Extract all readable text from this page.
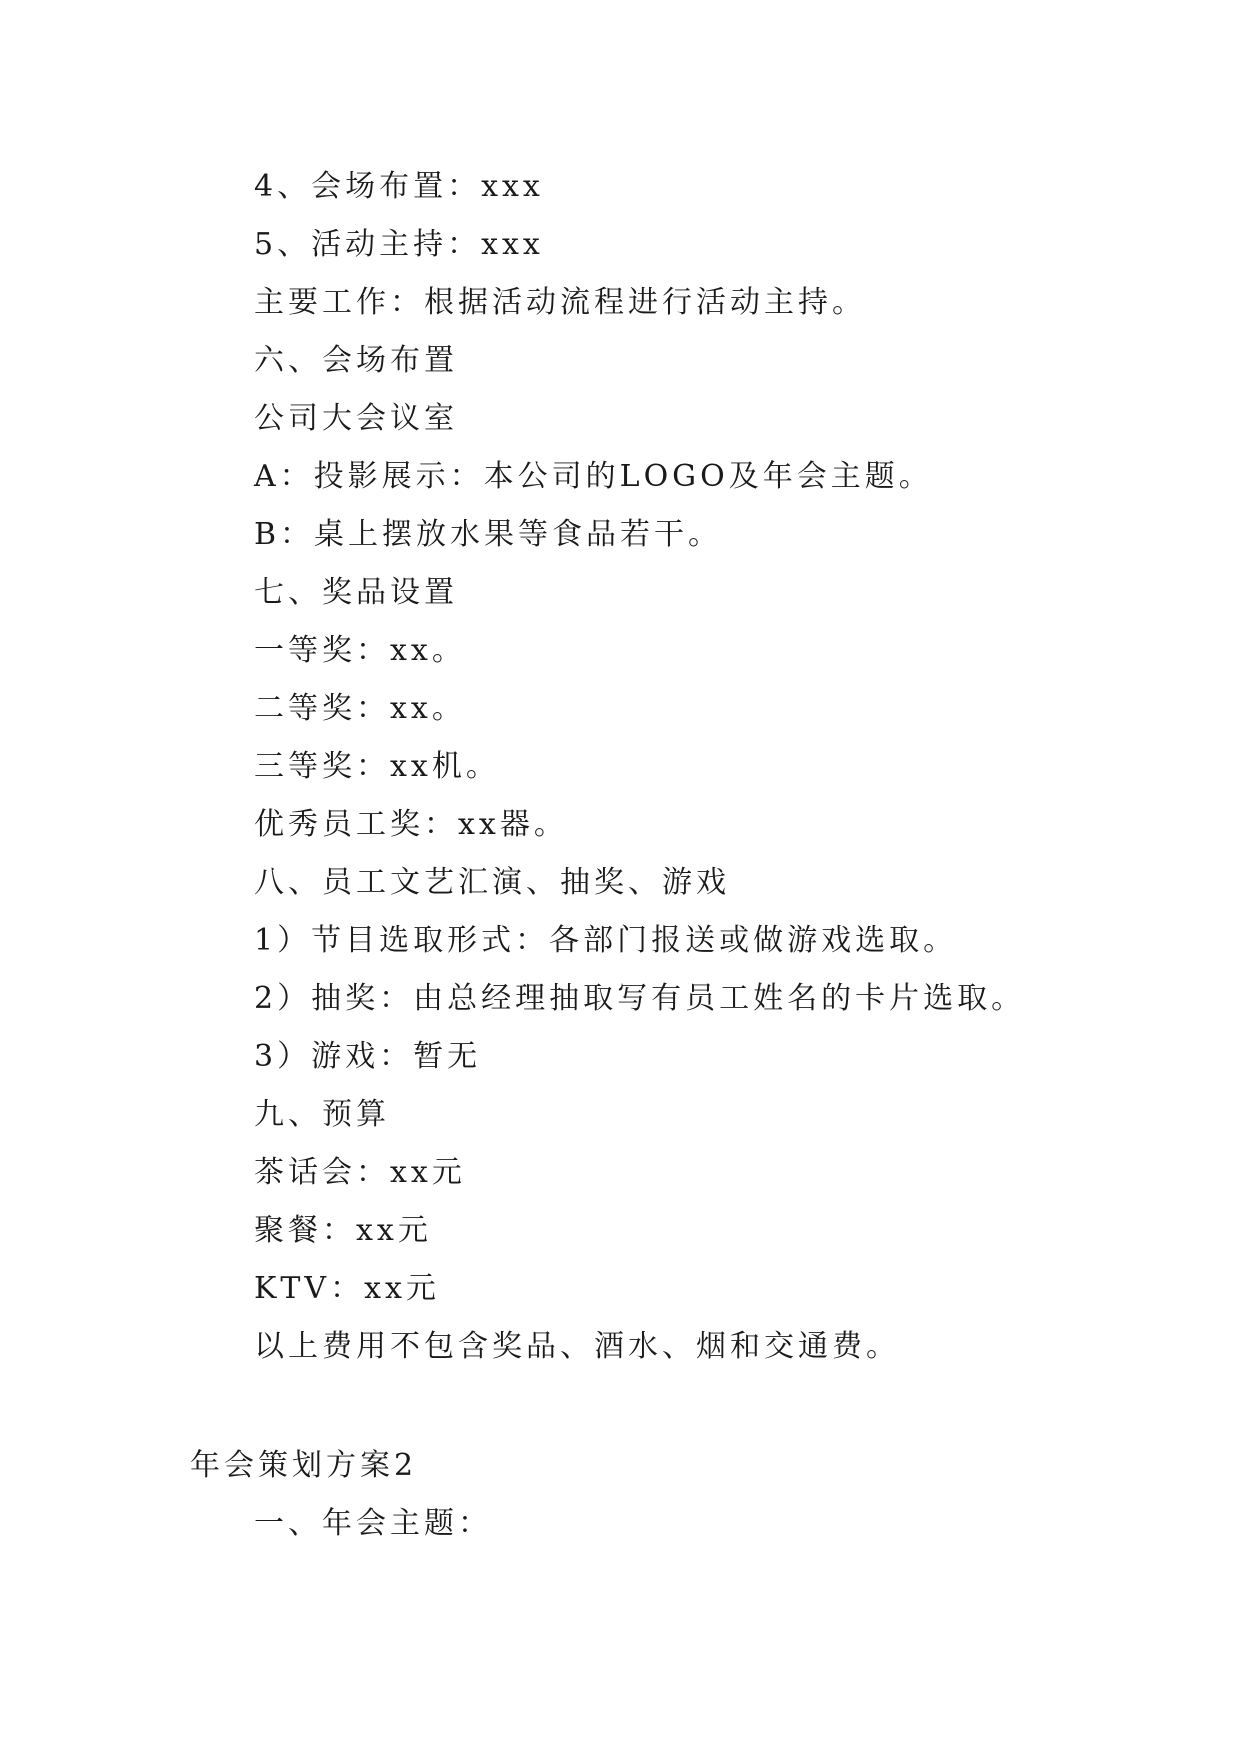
4、会场布置：xxx
5、活动主持：xxx
主要工作：根据活动流程进行活动主持。
六、会场布置
公司大会议室
A：投影展示：本公司的LOGO及年会主题。
B：桌上摆放水果等食品若干。
七、奖品设置
一等奖：xx。
二等奖：xx。
三等奖：xx机。
优秀员工奖：xx器。
八、员工文艺汇演、抽奖、游戏
1）节目选取形式：各部门报送或做游戏选取。
2）抽奖：由总经理抽取写有员工姓名的卡片选取。
3）游戏：暂无
九、预算
茶话会：xx元
聚餐：xx元
KTV：xx元
以上费用不包含奖品、酒水、烟和交通费。
年会策划方案2
一、年会主题：
